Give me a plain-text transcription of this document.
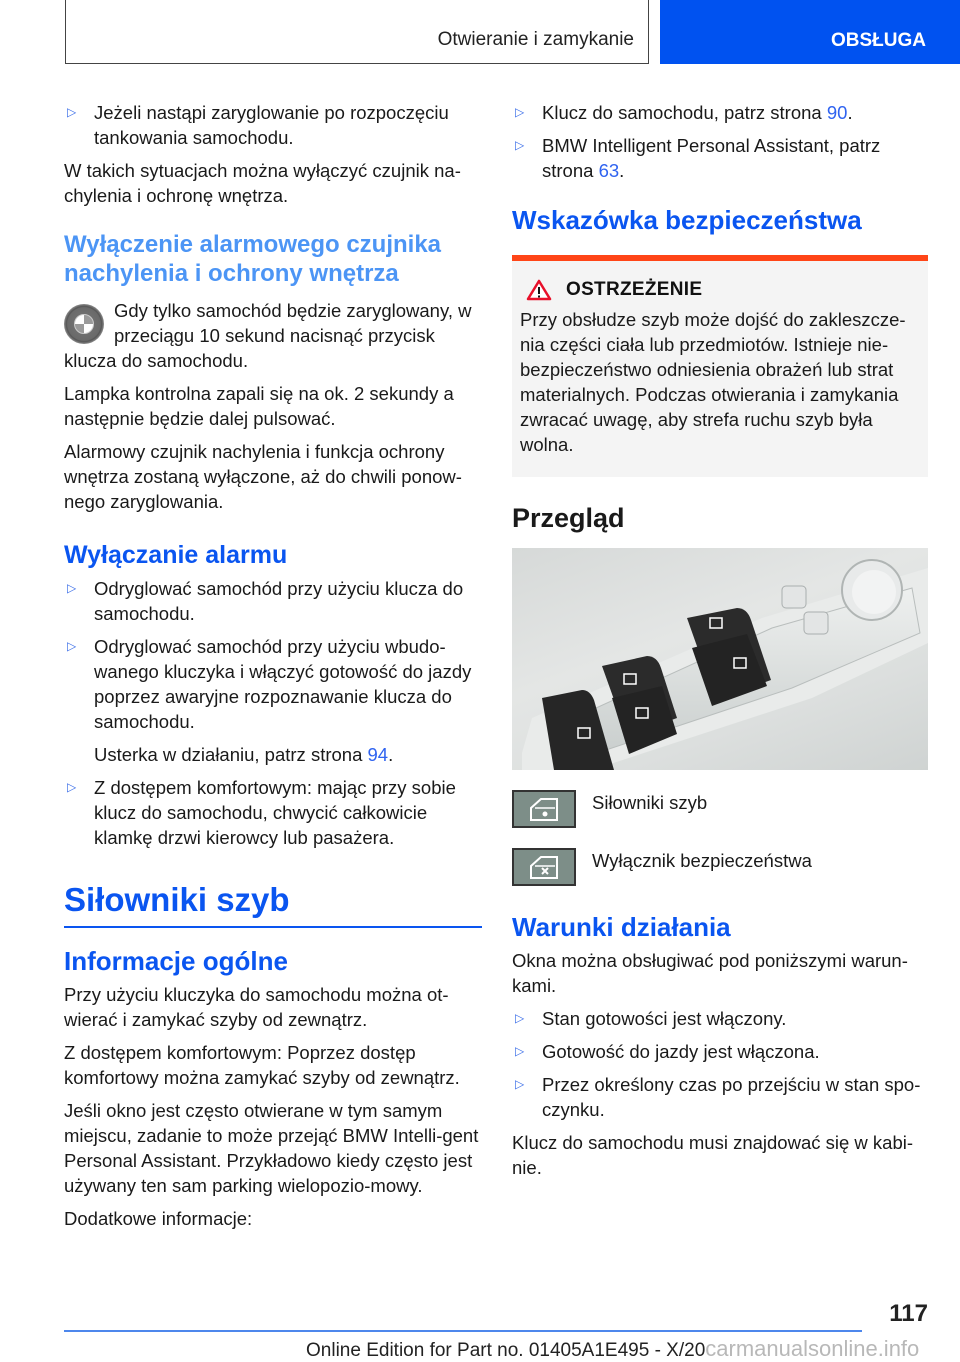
Otwieranie i zamykanie	OBSŁUGA
▷ Jeżeli nastąpi zaryglowanie po rozpoczęciu tankowania samochodu.

W takich sytuacjach można wyłączyć czujnik na-chylenia i ochronę wnętrza.

Wyłączenie alarmowego czujnika nachylenia i ochrony wnętrza

Gdy tylko samochód będzie zaryglowany, w przeciągu 10 sekund nacisnąć przycisk klucza do samochodu.

Lampka kontrolna zapali się na ok. 2 sekundy a następnie będzie dalej pulsować.

Alarmowy czujnik nachylenia i funkcja ochrony wnętrza zostaną wyłączone, aż do chwili ponow-nego zaryglowania.

Wyłączanie alarmu
▷ Odryglować samochód przy użyciu klucza do samochodu.
▷ Odryglować samochód przy użyciu wbudo-wanego kluczyka i włączyć gotowość do jazdy poprzez awaryjne rozpoznawanie klucza do samochodu.
Usterka w działaniu, patrz strona 94.
▷ Z dostępem komfortowym: mając przy sobie klucz do samochodu, chwycić całkowicie klamkę drzwi kierowcy lub pasażera.
Siłowniki szyb
Informacje ogólne

Przy użyciu kluczyka do samochodu można ot-wierać i zamykać szyby od zewnątrz.

Z dostępem komfortowym: Poprzez dostęp komfortowy można zamykać szyby od zewnątrz.

Jeśli okno jest często otwierane w tym samym miejscu, zadanie to może przejąć BMW Intelli-gent Personal Assistant. Przykładowo kiedy często jest używany ten sam parking wielopozio-mowy.

Dodatkowe informacje:

▷ Klucz do samochodu, patrz strona 90.
▷ BMW Intelligent Personal Assistant, patrz strona 63.
Wskazówka bezpieczeństwa
OSTRZEŻENIE
Przy obsłudze szyb może dojść do zakleszcze-nia części ciała lub przedmiotów. Istnieje nie-bezpieczeństwo odniesienia obrażeń lub strat materialnych. Podczas otwierania i zamykania zwracać uwagę, aby strefa ruchu szyb była wolna.
Przegląd
Siłowniki szyb
Wyłącznik bezpieczeństwa
Warunki działania

Okna można obsługiwać pod poniższymi warun-kami.

▷ Stan gotowości jest włączony.
▷ Gotowość do jazdy jest włączona.
▷ Przez określony czas po przejściu w stan spo-czynku.

Klucz do samochodu musi znajdować się w kabi-nie.

117
Online Edition for Part no. 01405A1E495 - X/20carmanualsonline.info
